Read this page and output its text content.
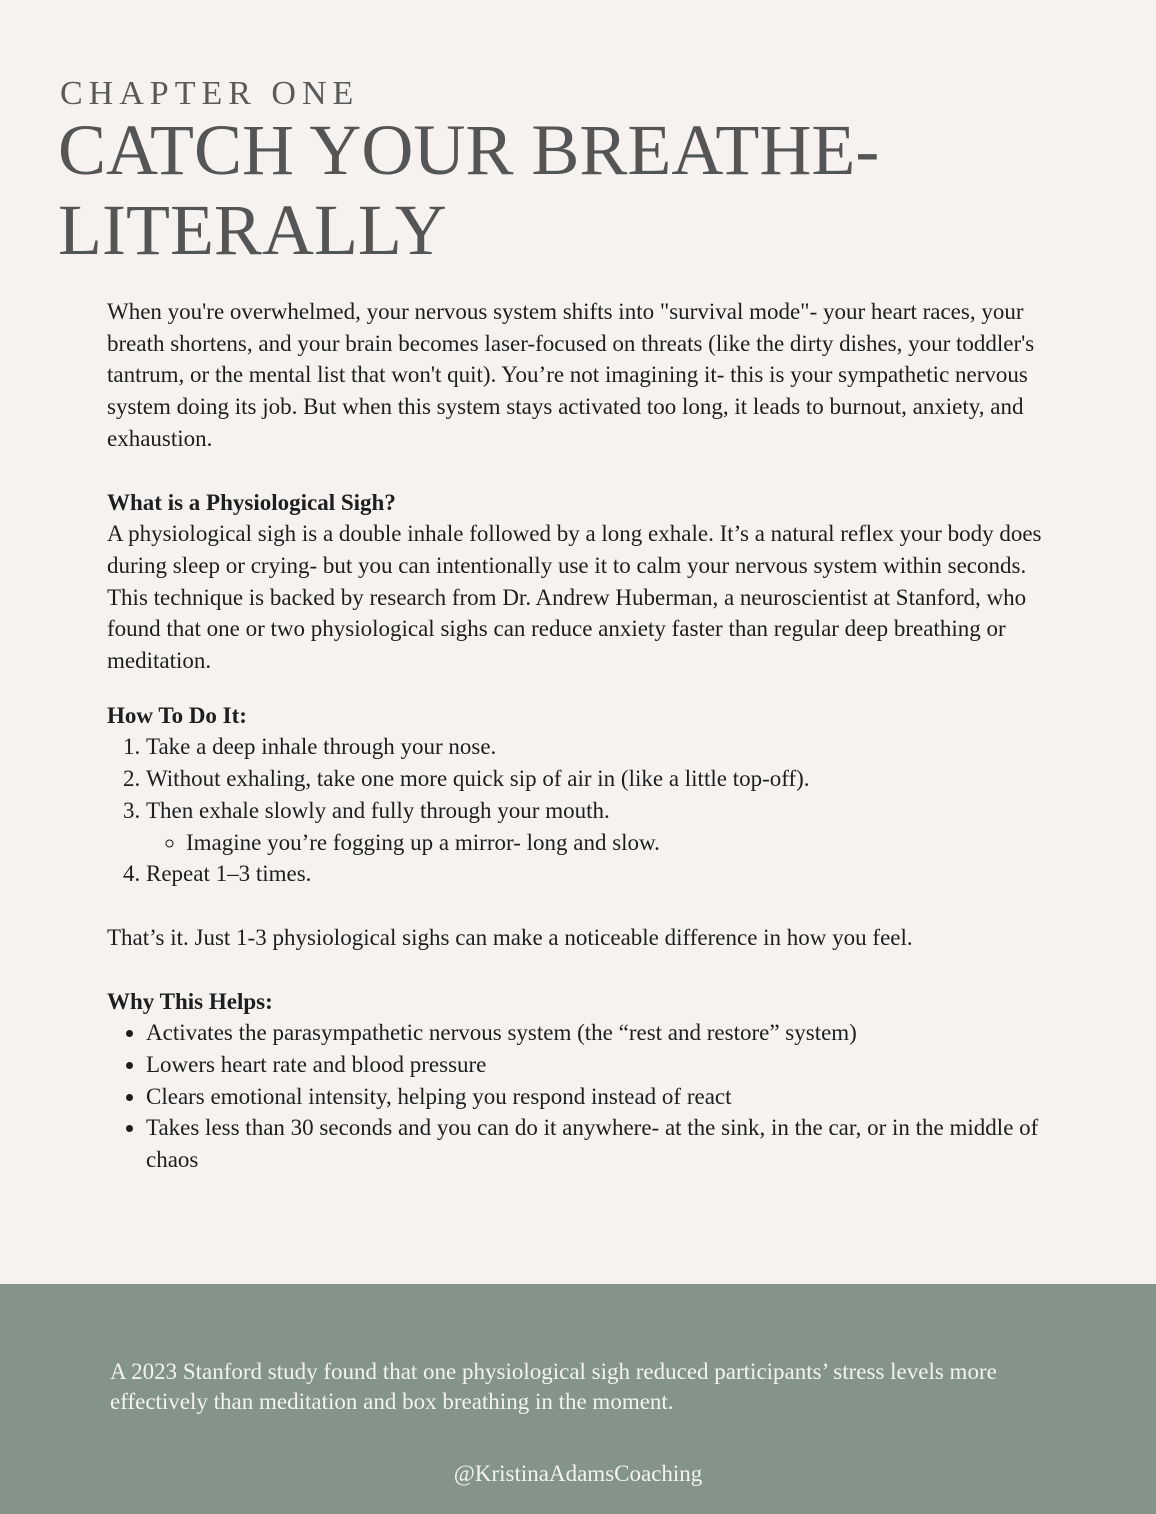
CHAPTER ONE
CATCH YOUR BREATHE- LITERALLY

When you're overwhelmed, your nervous system shifts into "survival mode"- your heart races, your breath shortens, and your brain becomes laser-focused on threats (like the dirty dishes, your toddler's tantrum, or the mental list that won't quit). You’re not imagining it- this is your sympathetic nervous system doing its job. But when this system stays activated too long, it leads to burnout, anxiety, and exhaustion.

What is a Physiological Sigh?

A physiological sigh is a double inhale followed by a long exhale. It’s a natural reflex your body does during sleep or crying- but you can intentionally use it to calm your nervous system within seconds.

This technique is backed by research from Dr. Andrew Huberman, a neuroscientist at Stanford, who found that one or two physiological sighs can reduce anxiety faster than regular deep breathing or meditation.

How To Do It:

1. Take a deep inhale through your nose.
2. Without exhaling, take one more quick sip of air in (like a little top-off).
3. Then exhale slowly and fully through your mouth.
◦ Imagine you’re fogging up a mirror- long and slow.
4. Repeat 1–3 times.

That’s it. Just 1-3 physiological sighs can make a noticeable difference in how you feel.

Why This Helps:

• Activates the parasympathetic nervous system (the “rest and restore” system)
• Lowers heart rate and blood pressure
• Clears emotional intensity, helping you respond instead of react
• Takes less than 30 seconds and you can do it anywhere- at the sink, in the car, or in the middle of chaos

A 2023 Stanford study found that one physiological sigh reduced participants’ stress levels more effectively than meditation and box breathing in the moment.

@KristinaAdamsCoaching
